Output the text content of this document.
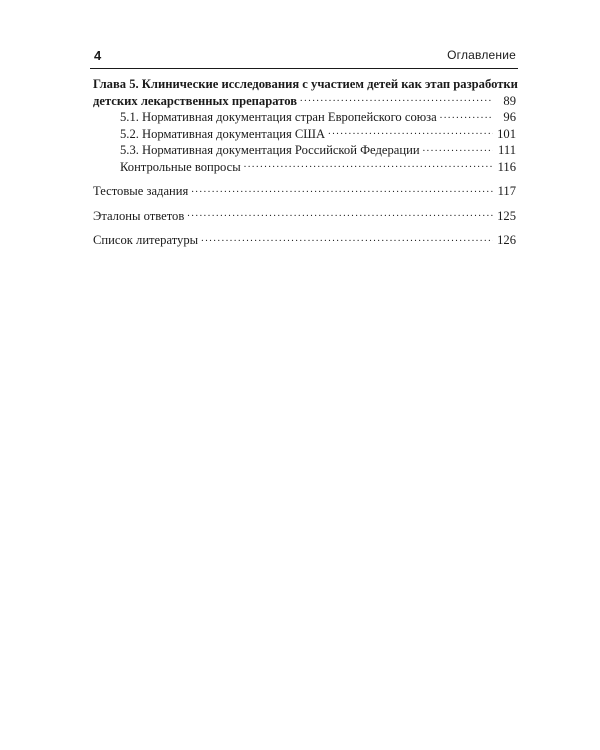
4	Оглавление
Глава 5. Клинические исследования с участием детей как этап разработки
детских лекарственных препаратов .....	89
5.1. Нормативная документация стран Европейского союза .....	96
5.2. Нормативная документация США .....	101
5.3. Нормативная документация Российской Федерации .....	111
Контрольные вопросы .....	116
Тестовые задания .....	117
Эталоны ответов .....	125
Список литературы .....	126
